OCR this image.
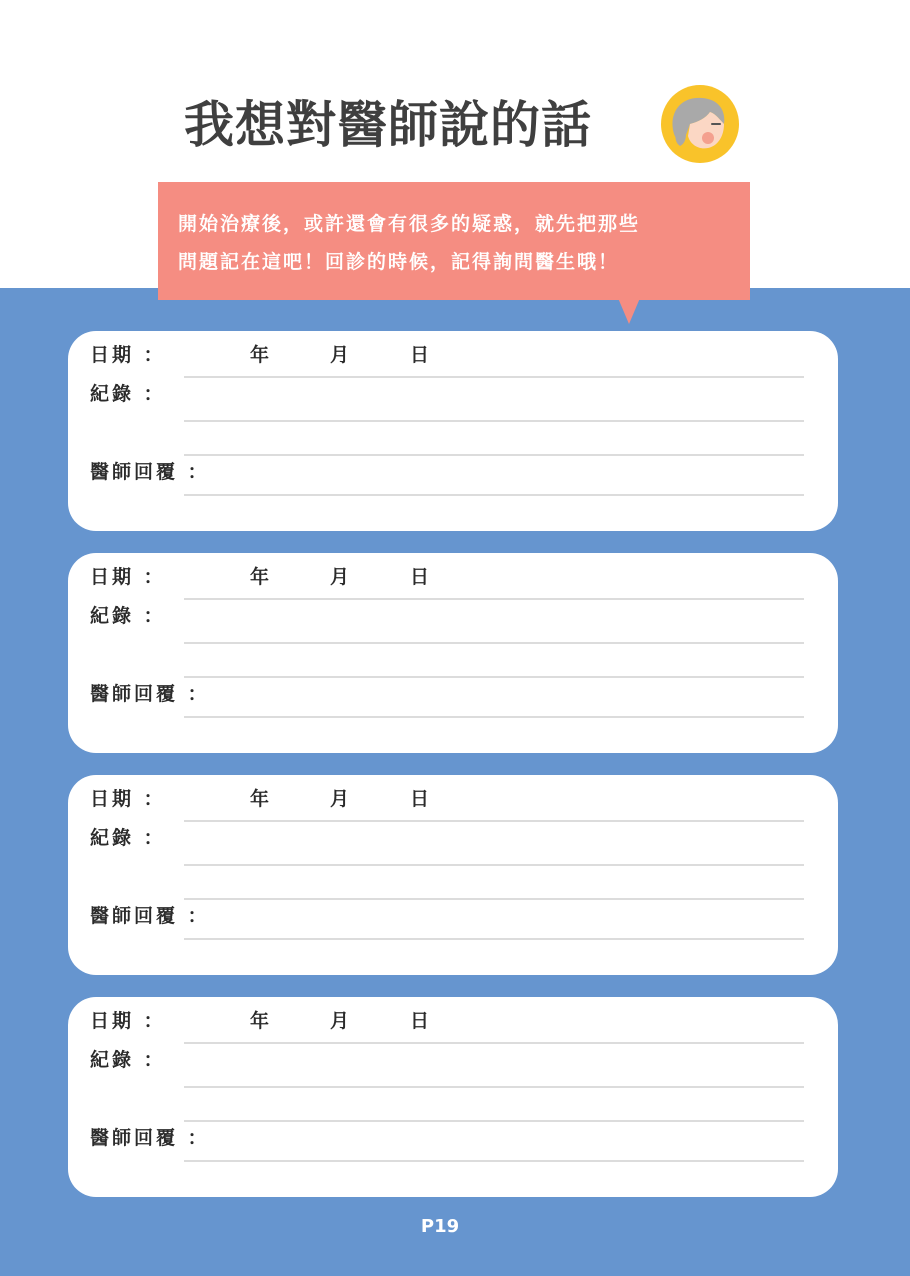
我想對醫師說的話
開始治療後，或許還會有很多的疑惑，就先把那些
問題記在這吧！回診的時候，記得詢問醫生哦！
日期 ：	年	月	日
紀錄 ：
醫師回覆 ：
日期 ：	年	月	日
紀錄 ：
醫師回覆 ：
日期 ：	年	月	日
紀錄 ：
醫師回覆 ：
日期 ：	年	月	日
紀錄 ：
醫師回覆 ：
P19
